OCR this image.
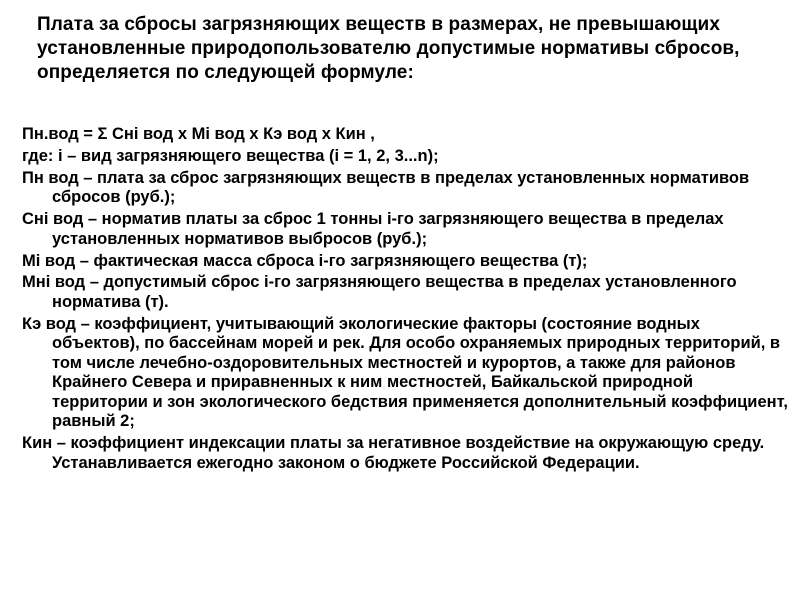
Плата за сбросы загрязняющих веществ в размерах, не превышающих установленные природопользователю допустимые нормативы сбросов, определяется по следующей формуле:
Пн.вод = Σ Снi вод х Мi вод х Кэ вод х Кин ,
где: i – вид загрязняющего вещества (i = 1, 2, 3...n);
Пн вод – плата за сброс загрязняющих веществ в пределах установленных нормативов сбросов (руб.);
Снi вод – норматив платы за сброс 1 тонны i-го загрязняющего вещества в пределах установленных нормативов выбросов (руб.);
Мi вод – фактическая масса сброса i-го загрязняющего вещества (т);
Мнi вод – допустимый сброс i-го загрязняющего вещества в пределах установленного норматива (т).
Кэ вод – коэффициент, учитывающий экологические факторы (состояние водных объектов), по бассейнам морей и рек. Для особо охраняемых природных территорий, в том числе лечебно-оздоровительных местностей и курортов, а также для районов Крайнего Севера и приравненных к ним местностей, Байкальской природной территории и зон экологического бедствия применяется дополнительный коэффициент, равный 2;
Кин – коэффициент индексации платы за негативное воздействие на окружающую среду. Устанавливается ежегодно законом о бюджете Российской Федерации.
